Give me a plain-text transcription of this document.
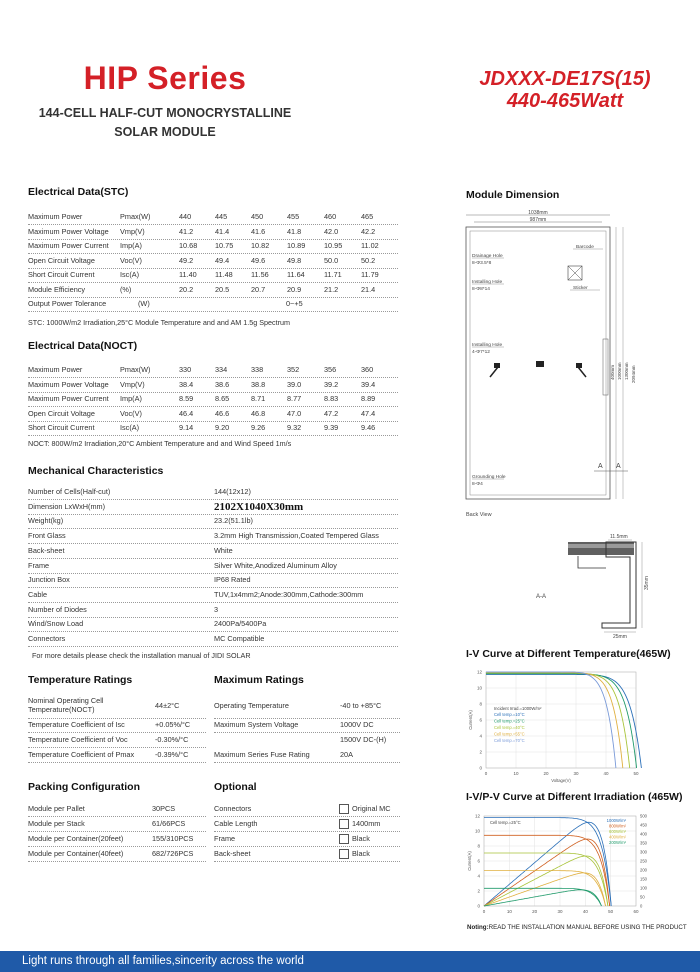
HIP Series
144-CELL HALF-CUT MONOCRYSTALLINE
SOLAR MODULE
JDXXX-DE17S(15)
440-465Watt
Electrical Data(STC)
Maximum Power	Pmax(W)	440	445	450	455	460	465
Maximum Power Voltage Vmp(V)	41.2	41.4	41.6	41.8	42.0	42.2
Maximum Power Current Imp(A)	10.68 10.75 10.82 10.89	10.95	11.02
Open Circuit Voltage	Voc(V)	49.2	49.4	49.6	49.8	50.0	50.2
Short Circuit Current	Isc(A)	11.40	11.48	11.56	11.64	11.71	11.79
Module Efficiency	(%)	20.2	20.5	20.7	20.9	21.2	21.4
Output Power Tolerance	(W)	0~+5
STC: 1000W/m2 Irradiation,25°C Module Temperature and and AM 1.5g Spectrum
Electrical Data(NOCT)
Maximum Power	Pmax(W)	330	334	338	352	356	360
Maximum Power Voltage Vmp(V)	38.4	38.6	38.8	39.0	39.2	39.4
Maximum Power Current Imp(A)	8.59	8.65	8.71	8.77	8.83	8.89
Open Circuit Voltage	Voc(V)	46.4	46.6	46.8	47.0	47.2	47.4
Short Circuit Current	Isc(A)	9.14	9.20	9.26	9.32	9.39	9.46
NOCT: 800W/m2 Irradiation,20°C Ambient Temperature and and Wind Speed 1m/s
Mechanical Characteristics
Number of Cells(Half-cut)	144(12x12)
Dimension LxWxH(mm)	2102X1040X30mm
Weight(kg)	23.2(51.1lb)
Front Glass	3.2mm High Transmission,Coated Tempered Glass
Back-sheet	White
Frame	Silver White,Anodized Aluminum Alloy
Junction Box	IP68 Rated
Cable	TUV,1x4mm2;Anode:300mm,Cathode:300mm
Number of Diodes	3
Wind/Snow Load	2400Pa/5400Pa
Connectors	MC Compatible
For more details please check the installation manual of JIDI SOLAR
Temperature Ratings	Maximum Ratings
Nominal Operating Cell
Temperature(NOCT)	44±2°C
Temperature Coefficient of Isc	+0.05%/°C
Temperature Coefficient of Voc	-0.30%/°C
Temperature Coefficient of Pmax	-0.39%/°C
Operating Temperature	-40 to +85°C
Maximum System Voltage	1000V DC
1500V DC-(H)
Maximum Series Fuse Rating	20A
Packing Configuration	Optional
Module per Pallet	30PCS
Module per Stack	61/66PCS
Module per Container(20feet)	155/310PCS
Module per Container(40feet)	682/726PCS
Connectors	Original MC
Cable Length	1400mm
Frame	Black
Back-sheet	Black
Module Dimension
1038mm
987mm
Drainage Hole
8-Φ3.5*8
Barcode
Installing Hole
8-Φ8*14	Sticker
Installing Hole
4-Φ7*12
400mm 1000mm 1300mm 2094mm
A A
Grounding Hole
8-Φ4
Back View
11.5mm
35mm
A-A
25mm
I-V Curve at Different Temperature(465W)
0
2
4
6
8
10
12
0	10	20	30	40	50
Cell temp.=10°C
Cell temp.=25°C
Cell temp.=40°C
Cell temp.=55°C
Cell temp.=70°C
Incident Irrad.=1000W/m²
Voltage(V)
Current(A)
I-V/P-V Curve at Different Irradiation (465W)
0
2
4
6
8
10
12
0
50
100
150
200
250
300
350
400
450
500
0	10	20	30	40	50	60
1000W/m²
800W/m²
600W/m²
400W/m²
200W/m²
Cell temp.=25°C
Current(A)
Noting:READ THE INSTALLATION MANUAL BEFORE USING THE PRODUCT
Light runs through all families,sincerity across the world
